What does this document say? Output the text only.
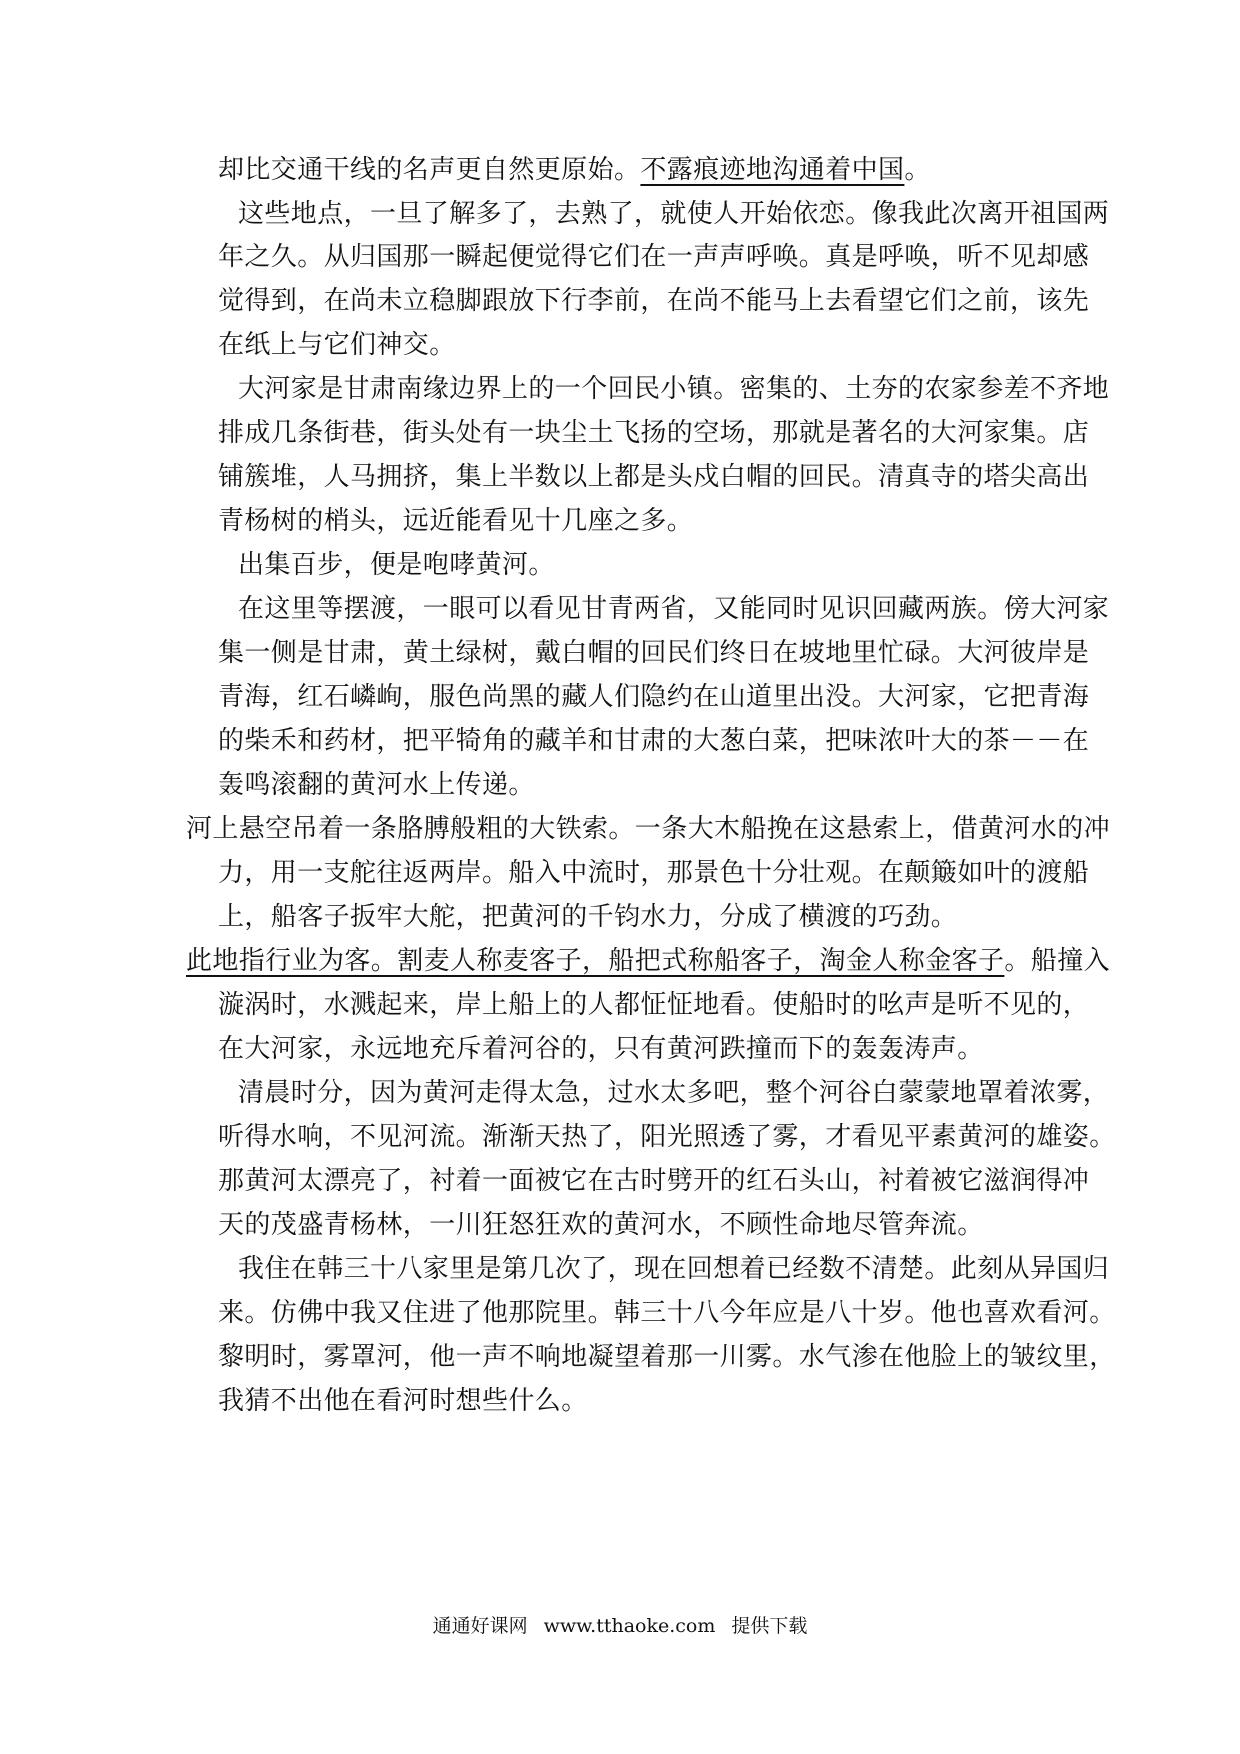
却比交通干线的名声更自然更原始。不露痕迹地沟通着中国。
这些地点，一旦了解多了，去熟了，就使人开始依恋。像我此次离开祖国两
年之久。从归国那一瞬起便觉得它们在一声声呼唤。真是呼唤，听不见却感
觉得到，在尚未立稳脚跟放下行李前，在尚不能马上去看望它们之前，该先
在纸上与它们神交。
大河家是甘肃南缘边界上的一个回民小镇。密集的、土夯的农家参差不齐地
排成几条街巷，街头处有一块尘土飞扬的空场，那就是著名的大河家集。店
铺簇堆，人马拥挤，集上半数以上都是头戍白帽的回民。清真寺的塔尖高出
青杨树的梢头，远近能看见十几座之多。
出集百步，便是咆哮黄河。
在这里等摆渡，一眼可以看见甘青两省，又能同时见识回藏两族。傍大河家
集一侧是甘肃，黄土绿树，戴白帽的回民们终日在坡地里忙碌。大河彼岸是
青海，红石嶙峋，服色尚黑的藏人们隐约在山道里出没。大河家，它把青海
的柴禾和药材，把平犄角的藏羊和甘肃的大葱白菜，把味浓叶大的茶－－在
轰鸣滚翻的黄河水上传递。
河上悬空吊着一条胳膊般粗的大铁索。一条大木船挽在这悬索上，借黄河水的冲
力，用一支舵往返两岸。船入中流时，那景色十分壮观。在颠簸如叶的渡船
上，船客子扳牢大舵，把黄河的千钧水力，分成了横渡的巧劲。
此地指行业为客。割麦人称麦客子，船把式称船客子，淘金人称金客子。船撞入
漩涡时，水溅起来，岸上船上的人都怔怔地看。使船时的吆声是听不见的，
在大河家，永远地充斥着河谷的，只有黄河跌撞而下的轰轰涛声。
清晨时分，因为黄河走得太急，过水太多吧，整个河谷白蒙蒙地罩着浓雾，
听得水响，不见河流。渐渐天热了，阳光照透了雾，才看见平素黄河的雄姿。
那黄河太漂亮了，衬着一面被它在古时劈开的红石头山，衬着被它滋润得冲
天的茂盛青杨林，一川狂怒狂欢的黄河水，不顾性命地尽管奔流。
我住在韩三十八家里是第几次了，现在回想着已经数不清楚。此刻从异国归
来。仿佛中我又住进了他那院里。韩三十八今年应是八十岁。他也喜欢看河。
黎明时，雾罩河，他一声不响地凝望着那一川雾。水气渗在他脸上的皱纹里，
我猜不出他在看河时想些什么。
通通好课网 www.tthaoke.com 提供下载
